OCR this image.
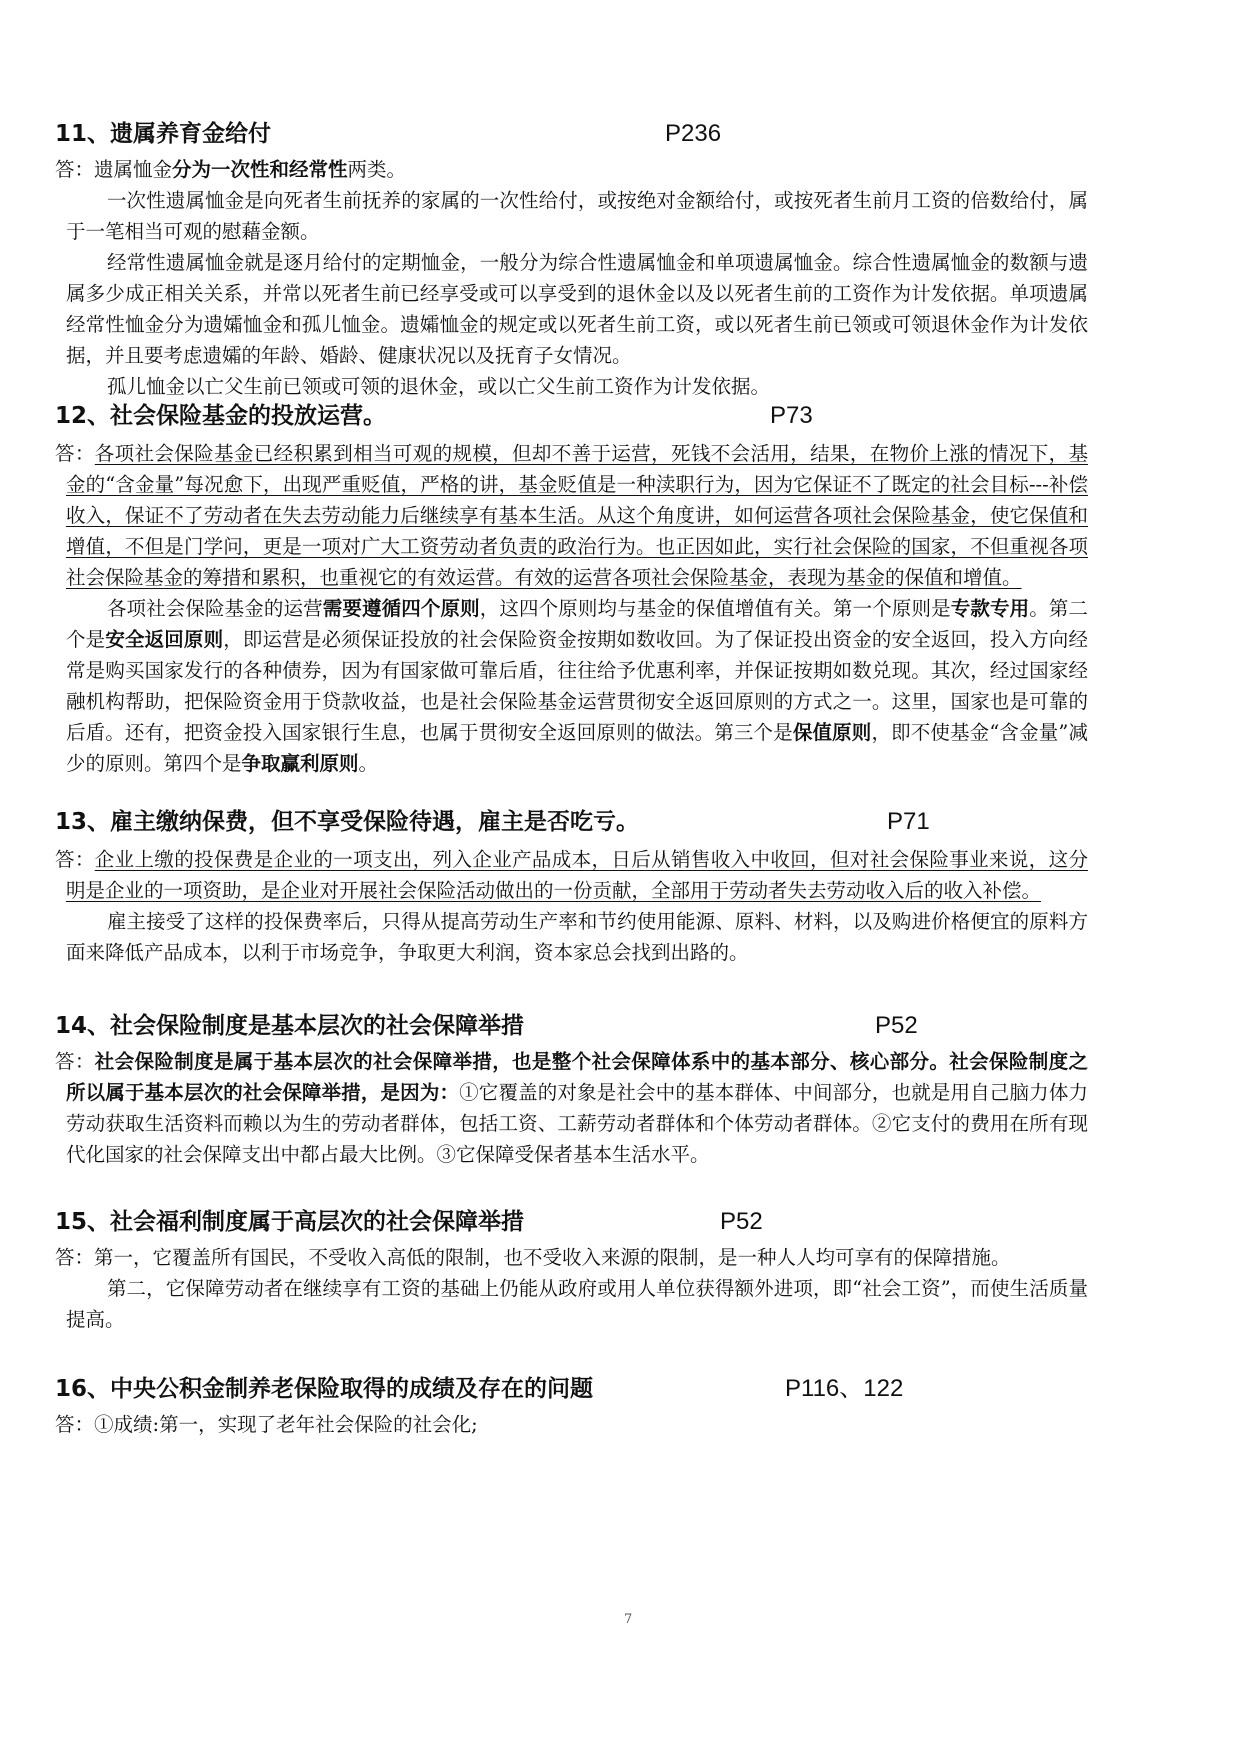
11、遗属养育金给付	P236

答：遗属恤金分为一次性和经常性两类。

一次性遗属恤金是向死者生前抚养的家属的一次性给付，或按绝对金额给付，或按死者生前月工资的倍数给付，属于一笔相当可观的慰藉金额。

经常性遗属恤金就是逐月给付的定期恤金，一般分为综合性遗属恤金和单项遗属恤金。综合性遗属恤金的数额与遗属多少成正相关关系，并常以死者生前已经享受或可以享受到的退休金以及以死者生前的工资作为计发依据。单项遗属经常性恤金分为遗孀恤金和孤儿恤金。遗孀恤金的规定或以死者生前工资，或以死者生前已领或可领退休金作为计发依据，并且要考虑遗孀的年龄、婚龄、健康状况以及抚育子女情况。

孤儿恤金以亡父生前已领或可领的退休金，或以亡父生前工资作为计发依据。

12、社会保险基金的投放运营。	P73

答：各项社会保险基金已经积累到相当可观的规模，但却不善于运营，死钱不会活用，结果，在物价上涨的情况下，基金的“含金量”每况愈下，出现严重贬值，严格的讲，基金贬值是一种渎职行为，因为它保证不了既定的社会目标---补偿收入，保证不了劳动者在失去劳动能力后继续享有基本生活。从这个角度讲，如何运营各项社会保险基金，使它保值和增值，不但是门学问，更是一项对广大工资劳动者负责的政治行为。也正因如此，实行社会保险的国家，不但重视各项社会保险基金的筹措和累积，也重视它的有效运营。有效的运营各项社会保险基金，表现为基金的保值和增值。

各项社会保险基金的运营需要遵循四个原则，这四个原则均与基金的保值增值有关。第一个原则是专款专用。第二个是安全返回原则，即运营是必须保证投放的社会保险资金按期如数收回。为了保证投出资金的安全返回，投入方向经常是购买国家发行的各种债券，因为有国家做可靠后盾，往往给予优惠利率，并保证按期如数兑现。其次，经过国家经融机构帮助，把保险资金用于贷款收益，也是社会保险基金运营贯彻安全返回原则的方式之一。这里，国家也是可靠的后盾。还有，把资金投入国家银行生息，也属于贯彻安全返回原则的做法。第三个是保值原则，即不使基金“含金量”减少的原则。第四个是争取赢利原则。

13、雇主缴纳保费，但不享受保险待遇，雇主是否吃亏。	P71

答：企业上缴的投保费是企业的一项支出，列入企业产品成本，日后从销售收入中收回，但对社会保险事业来说，这分明是企业的一项资助，是企业对开展社会保险活动做出的一份贡献，全部用于劳动者失去劳动收入后的收入补偿。

雇主接受了这样的投保费率后，只得从提高劳动生产率和节约使用能源、原料、材料，以及购进价格便宜的原料方面来降低产品成本，以利于市场竞争，争取更大利润，资本家总会找到出路的。

14、社会保险制度是基本层次的社会保障举措	P52

答：社会保险制度是属于基本层次的社会保障举措，也是整个社会保障体系中的基本部分、核心部分。社会保险制度之所以属于基本层次的社会保障举措，是因为：①它覆盖的对象是社会中的基本群体、中间部分，也就是用自己脑力体力劳动获取生活资料而赖以为生的劳动者群体，包括工资、工薪劳动者群体和个体劳动者群体。②它支付的费用在所有现代化国家的社会保障支出中都占最大比例。③它保障受保者基本生活水平。

15、社会福利制度属于高层次的社会保障举措	P52

答：第一，它覆盖所有国民，不受收入高低的限制，也不受收入来源的限制，是一种人人均可享有的保障措施。

第二，它保障劳动者在继续享有工资的基础上仍能从政府或用人单位获得额外进项，即“社会工资”，而使生活质量提高。

16、中央公积金制养老保险取得的成绩及存在的问题	P116、122

答：①成绩:第一，实现了老年社会保险的社会化;

7
